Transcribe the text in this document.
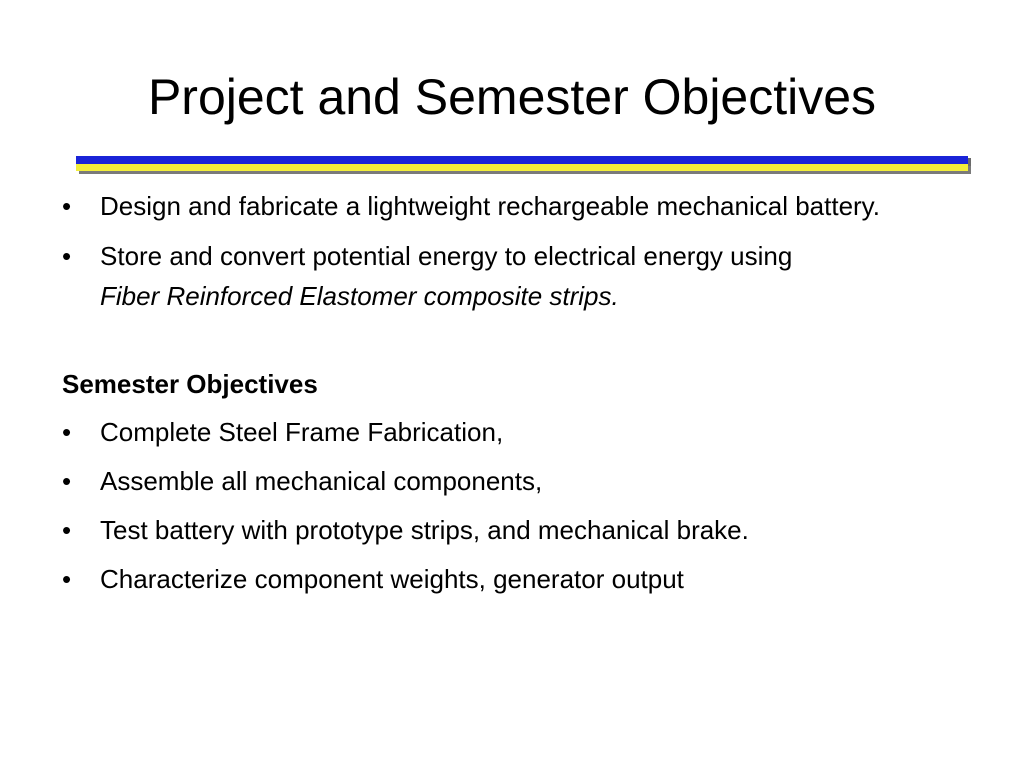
Project and Semester Objectives
•	Design and fabricate a lightweight rechargeable mechanical battery.
•	Store and convert potential energy to electrical energy using
Fiber Reinforced Elastomer composite strips.
Semester Objectives
•	Complete Steel Frame Fabrication,
•	Assemble all mechanical components,
•	Test battery with prototype strips, and mechanical brake.
•	Characterize component weights, generator output
